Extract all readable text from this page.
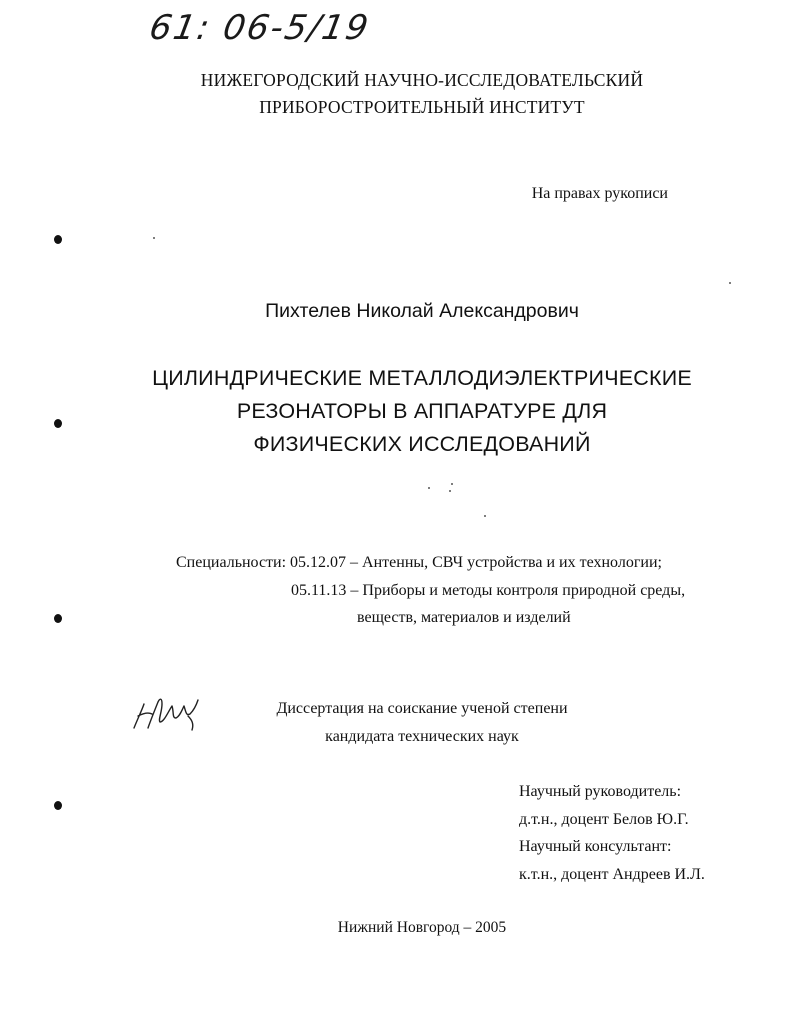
61: 06-5/19
НИЖЕГОРОДСКИЙ НАУЧНО-ИССЛЕДОВАТЕЛЬСКИЙ
ПРИБОРОСТРОИТЕЛЬНЫЙ ИНСТИТУТ
На правах рукописи
Пихтелев Николай Александрович
ЦИЛИНДРИЧЕСКИЕ МЕТАЛЛОДИЭЛЕКТРИЧЕСКИЕ
РЕЗОНАТОРЫ В АППАРАТУРЕ ДЛЯ
ФИЗИЧЕСКИХ ИССЛЕДОВАНИЙ
Специальности: 05.12.07 – Антенны, СВЧ устройства и их технологии;
05.11.13 – Приборы и методы контроля природной среды,
веществ, материалов и изделий
Диссертация на соискание ученой степени
кандидата технических наук
Научный руководитель:
д.т.н., доцент Белов Ю.Г.
Научный консультант:
к.т.н., доцент Андреев И.Л.
Нижний Новгород – 2005
